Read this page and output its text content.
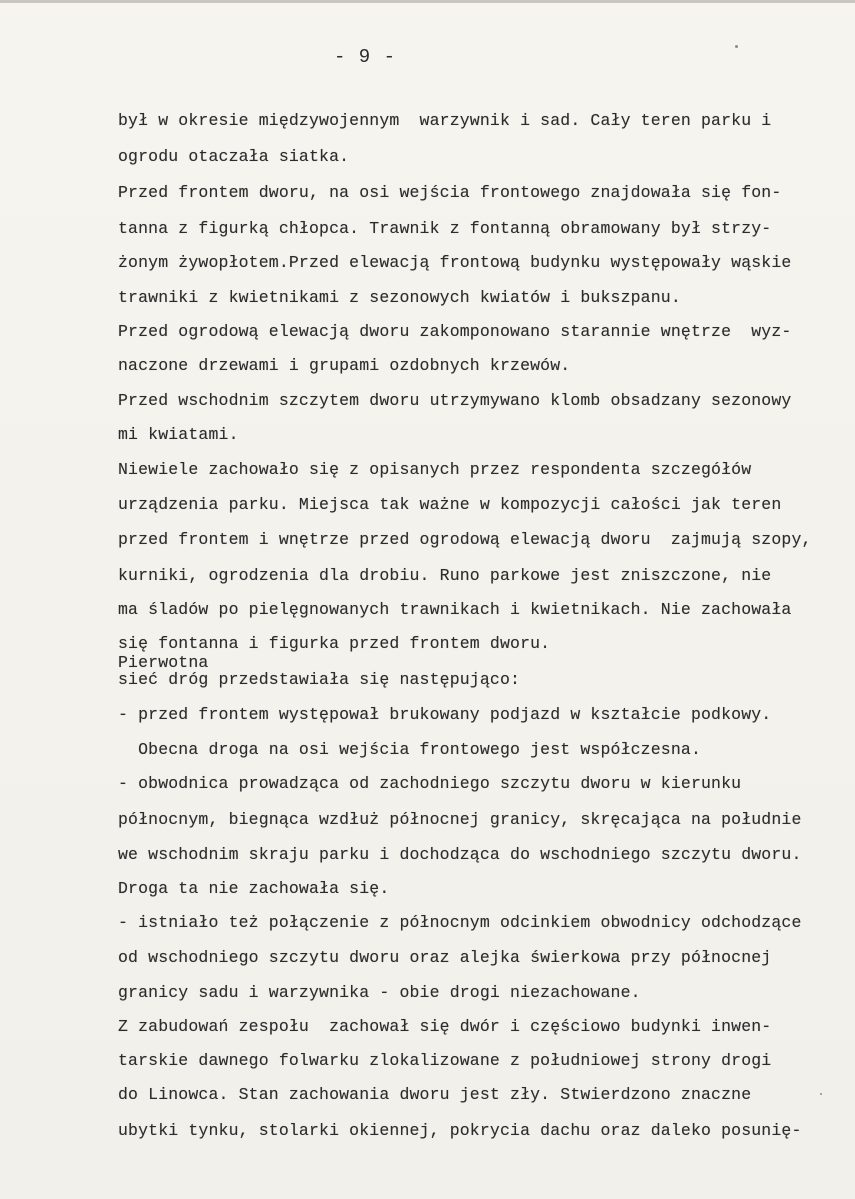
- 9 -
był w okresie międzywojennym  warzywnik i sad. Cały teren parku i
ogrodu otaczała siatka.
Przed frontem dworu, na osi wejścia frontowego znajdowała się fon-
tanna z figurką chłopca. Trawnik z fontanną obramowany był strzy-
żonym żywopłotem.Przed elewacją frontową budynku występowały wąskie
trawniki z kwietnikami z sezonowych kwiatów i bukszpanu.
Przed ogrodową elewacją dworu zakomponowano starannie wnętrze  wyz-
naczone drzewami i grupami ozdobnych krzewów.
Przed wschodnim szczytem dworu utrzymywano klomb obsadzany sezonowy
mi kwiatami.
Niewiele zachowało się z opisanych przez respondenta szczegółów
urządzenia parku. Miejsca tak ważne w kompozycji całości jak teren
przed frontem i wnętrze przed ogrodową elewacją dworu  zajmują szopy,
kurniki, ogrodzenia dla drobiu. Runo parkowe jest zniszczone, nie
ma śladów po pielęgnowanych trawnikach i kwietnikach. Nie zachowała
się fontanna i figurka przed frontem dworu.
Pierwotna
sieć dróg przedstawiała się następująco:
- przed frontem występował brukowany podjazd w kształcie podkowy.
Obecna droga na osi wejścia frontowego jest współczesna.
- obwodnica prowadząca od zachodniego szczytu dworu w kierunku
północnym, biegnąca wzdłuż północnej granicy, skręcająca na południe
we wschodnim skraju parku i dochodząca do wschodniego szczytu dworu.
Droga ta nie zachowała się.
- istniało też połączenie z północnym odcinkiem obwodnicy odchodzące
od wschodniego szczytu dworu oraz alejka świerkowa przy północnej
granicy sadu i warzywnika - obie drogi niezachowane.
Z zabudowań zespołu  zachował się dwór i częściowo budynki inwen-
tarskie dawnego folwarku zlokalizowane z południowej strony drogi
do Linowca. Stan zachowania dworu jest zły. Stwierdzono znaczne
ubytki tynku, stolarki okiennej, pokrycia dachu oraz daleko posunię-
